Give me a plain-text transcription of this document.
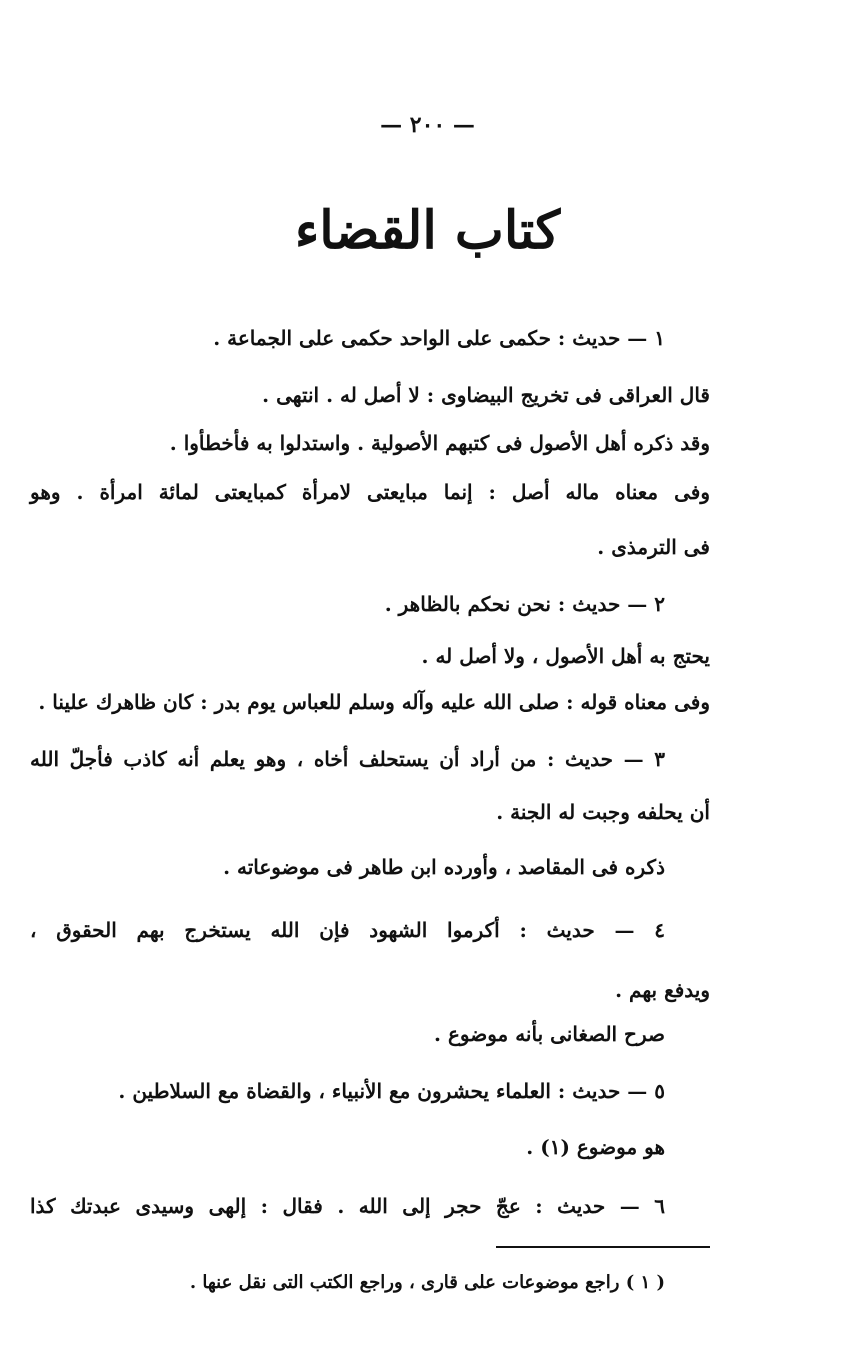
— ٢٠٠ —
كتاب القضاء
١ — حديث : حكمى على الواحد حكمى على الجماعة .
قال العراقى فى تخريج البيضاوى : لا أصل له . انتهى .
وقد ذكره أهل الأصول فى كتبهم الأصولية . واستدلوا به فأخطأوا .
وفى معناه ماله أصل : إنما مبايعتى لامرأة كمبايعتى لمائة امرأة . وهو
فى الترمذى .
٢ — حديث : نحن نحكم بالظاهر .
يحتج به أهل الأصول ، ولا أصل له .
وفى معناه قوله : صلى الله عليه وآله وسلم للعباس يوم بدر : كان ظاهرك علينا .
٣ — حديث : من أراد أن يستحلف أخاه ، وهو يعلم أنه كاذب فأجلّ الله
أن يحلفه وجبت له الجنة .
ذكره فى المقاصد ، وأورده ابن طاهر فى موضوعاته .
٤ — حديث : أكرموا الشهود فإن الله يستخرج بهم الحقوق ،
ويدفع بهم .
صرح الصغانى بأنه موضوع .
٥ — حديث : العلماء يحشرون مع الأنبياء ، والقضاة مع السلاطين .
هو موضوع (١) .
٦ — حديث : عجّ حجر إلى الله . فقال : إلهى وسيدى عبدتك كذا
( ١ ) راجع موضوعات على قارى ، وراجع الكتب التى نقل عنها .
